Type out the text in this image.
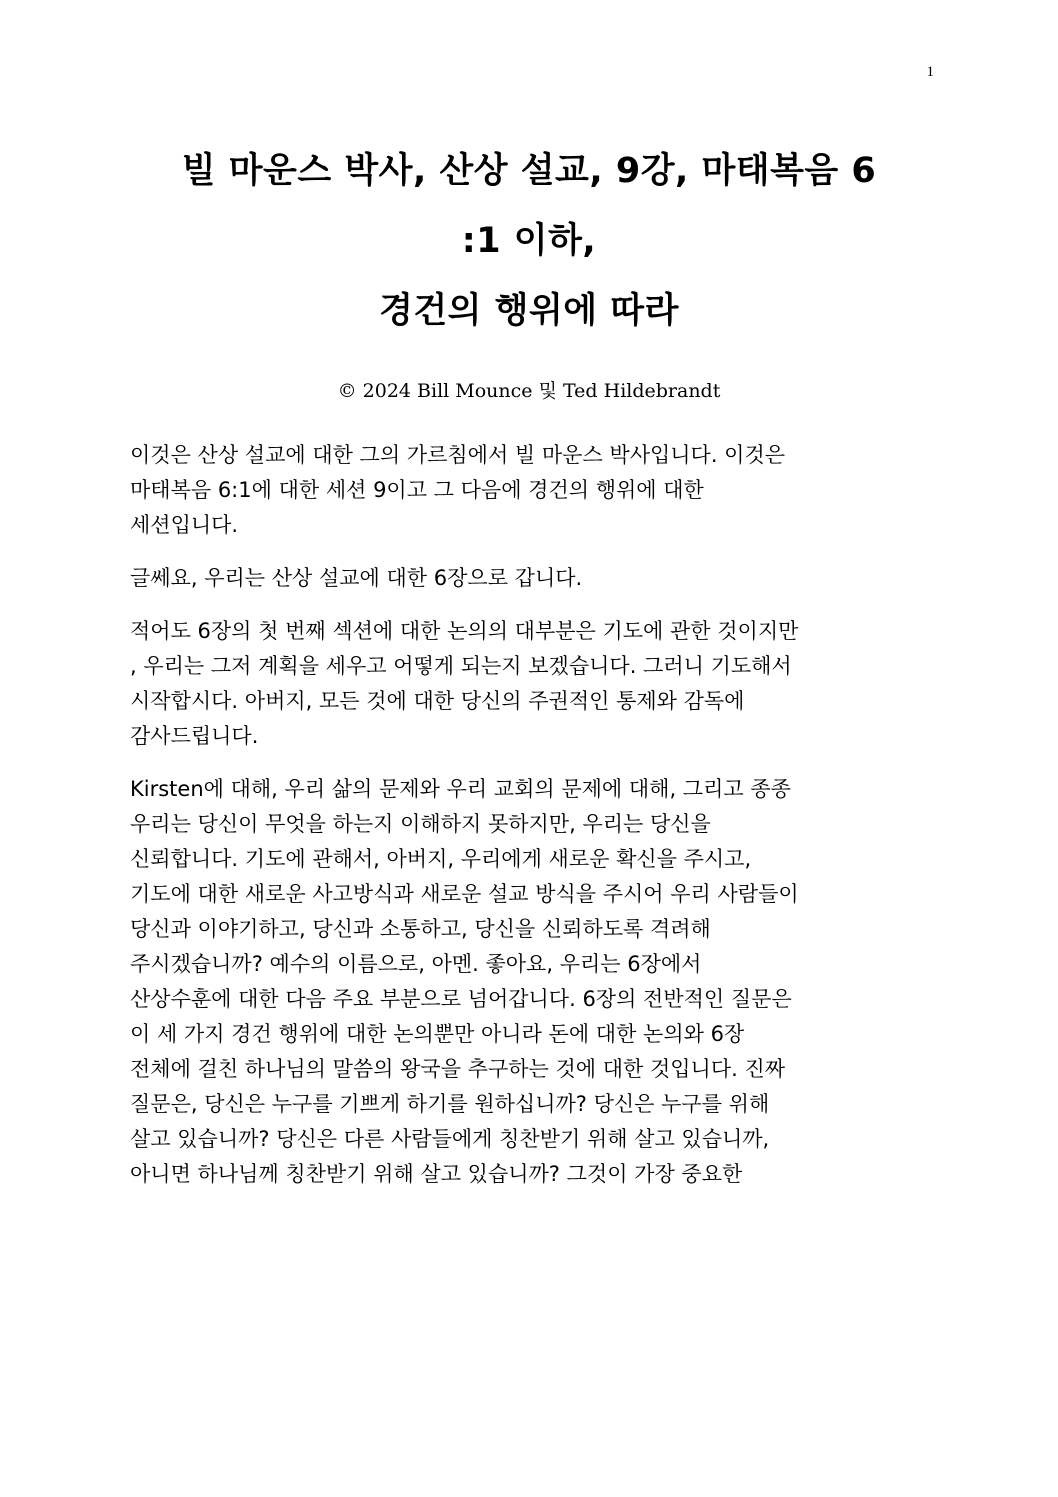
1
빌 마운스 박사, 산상 설교, 9강, 마태복음 6
:1 이하,
경건의 행위에 따라
© 2024 Bill Mounce 및 Ted Hildebrandt

이것은 산상 설교에 대한 그의 가르침에서 빌 마운스 박사입니다. 이것은
마태복음 6:1에 대한 세션 9이고 그 다음에 경건의 행위에 대한
세션입니다.

글쎄요, 우리는 산상 설교에 대한 6장으로 갑니다.

적어도 6장의 첫 번째 섹션에 대한 논의의 대부분은 기도에 관한 것이지만
, 우리는 그저 계획을 세우고 어떻게 되는지 보겠습니다. 그러니 기도해서
시작합시다. 아버지, 모든 것에 대한 당신의 주권적인 통제와 감독에
감사드립니다.

Kirsten에 대해, 우리 삶의 문제와 우리 교회의 문제에 대해, 그리고 종종
우리는 당신이 무엇을 하는지 이해하지 못하지만, 우리는 당신을
신뢰합니다. 기도에 관해서, 아버지, 우리에게 새로운 확신을 주시고,
기도에 대한 새로운 사고방식과 새로운 설교 방식을 주시어 우리 사람들이
당신과 이야기하고, 당신과 소통하고, 당신을 신뢰하도록 격려해
주시겠습니까? 예수의 이름으로, 아멘. 좋아요, 우리는 6장에서
산상수훈에 대한 다음 주요 부분으로 넘어갑니다. 6장의 전반적인 질문은
이 세 가지 경건 행위에 대한 논의뿐만 아니라 돈에 대한 논의와 6장
전체에 걸친 하나님의 말씀의 왕국을 추구하는 것에 대한 것입니다. 진짜
질문은, 당신은 누구를 기쁘게 하기를 원하십니까? 당신은 누구를 위해
살고 있습니까? 당신은 다른 사람들에게 칭찬받기 위해 살고 있습니까,
아니면 하나님께 칭찬받기 위해 살고 있습니까? 그것이 가장 중요한
